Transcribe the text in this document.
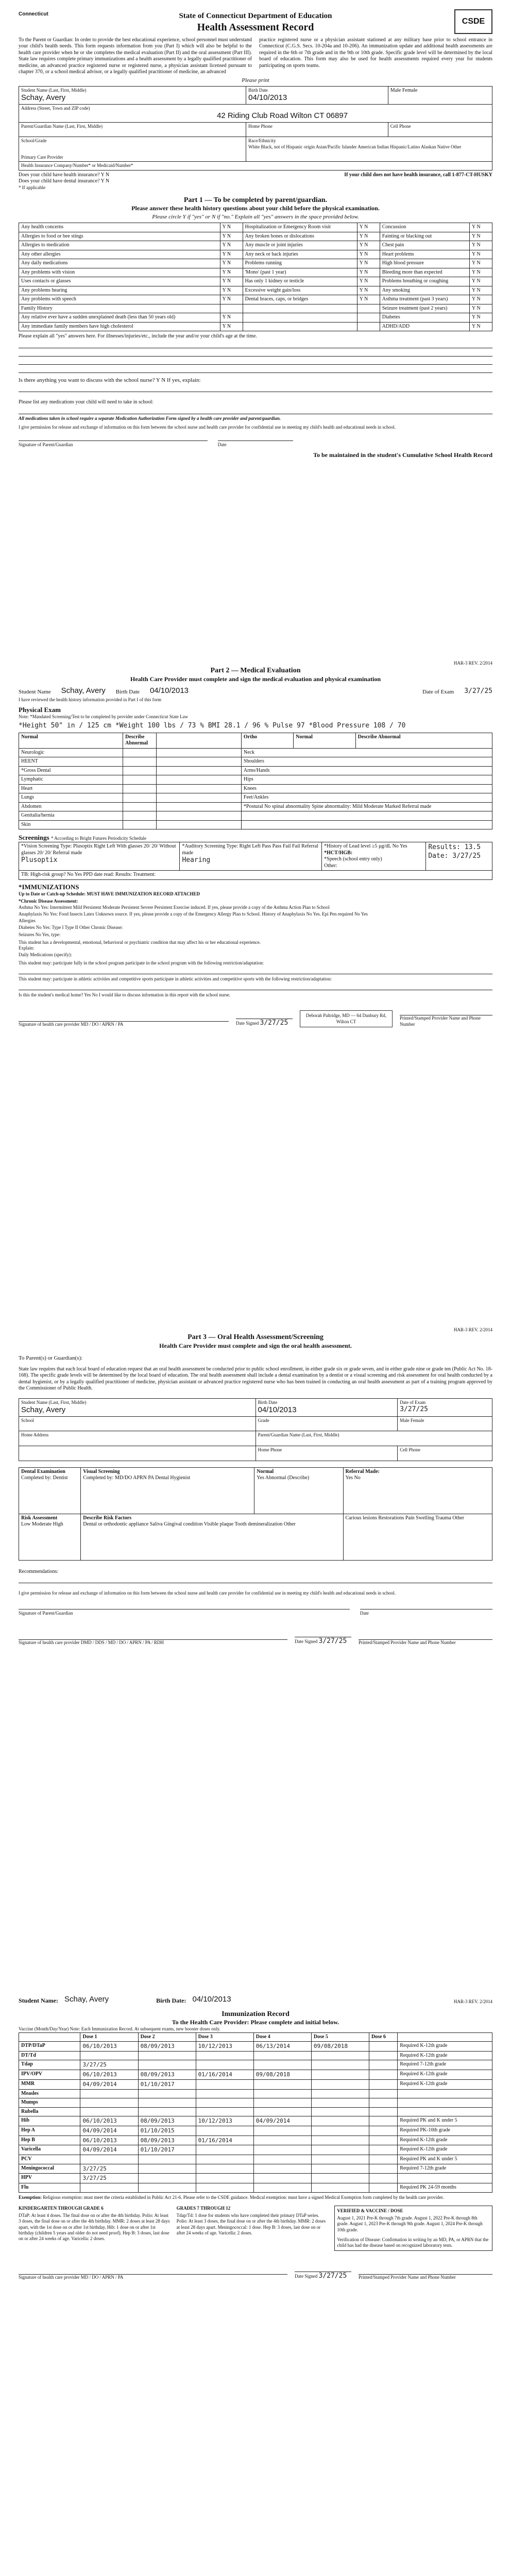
Connecticut
CSDE
State of Connecticut Department of Education
Health Assessment Record

To the Parent or Guardian: In order to provide the best educational experience, school personnel must understand your child's health needs. This form requests information from you (Part I) which will also be helpful to the health care provider when he or she completes the medical evaluation (Part II) and the oral assessment (Part III). State law requires complete primary immunizations and a health assessment by a legally qualified practitioner of medicine, an advanced practice registered nurse or registered nurse, a physician assistant licensed pursuant to chapter 370, or a school medical advisor, or a legally qualified practitioner of medicine, an advanced

practice registered nurse or a physician assistant stationed at any military base prior to school entrance in Connecticut (C.G.S. Secs. 10-204a and 10-206). An immunization update and additional health assessments are required in the 6th or 7th grade and in the 9th or 10th grade. Specific grade level will be determined by the local board of education. This form may also be used for health assessments required every year for students participating on sports teams.

Please print
Student Name (Last, First, Middle)
Schay, Avery	Birth Date
04/10/2013	Male Female

Address (Street, Town and ZIP code)
42 Riding Club Road Wilton CT 06897		

Parent/Guardian Name (Last, First, Middle)	Home Phone	Cell Phone

School/Grade

Primary Care Provider	Race/Ethnicity
White Black, not of Hispanic origin Asian/Pacific Islander American Indian Hispanic/Latino Alaskan Native Other	

Health Insurance Company/Number* or Medicaid/Number*		
Does your child have health insurance? Y N
Does your child have dental insurance? Y N
* If applicable
If your child does not have health insurance, call 1-877-CT-HUSKY
Part 1 — To be completed by parent/guardian.
Please answer these health history questions about your child before the physical examination.
Please circle Y if "yes" or N if "no." Explain all "yes" answers in the space provided below.
Any health concerns	Y N	Hospitalization or Emergency Room visit	Y N	Concussion	Y N
Allergies to food or bee stings	Y N	Any broken bones or dislocations	Y N	Fainting or blacking out	Y N
Allergies to medication	Y N	Any muscle or joint injuries	Y N	Chest pain	Y N
Any other allergies	Y N	Any neck or back injuries	Y N	Heart problems	Y N
Any daily medications	Y N	Problems running	Y N	High blood pressure	Y N
Any problems with vision	Y N	'Mono' (past 1 year)	Y N	Bleeding more than expected	Y N
Uses contacts or glasses	Y N	Has only 1 kidney or testicle	Y N	Problems breathing or coughing	Y N
Any problems hearing	Y N	Excessive weight gain/loss	Y N	Any smoking	Y N
Any problems with speech	Y N	Dental braces, caps, or bridges	Y N	Asthma treatment (past 3 years)	Y N
Family History				Seizure treatment (past 2 years)	Y N
Any relative ever have a sudden unexplained death (less than 50 years old)	Y N			Diabetes	Y N
Any immediate family members have high cholesterol	Y N			ADHD/ADD	Y N
Please explain all "yes" answers here. For illnesses/injuries/etc., include the year and/or your child's age at the time.
Is there anything you want to discuss with the school nurse? Y N If yes, explain:
Please list any medications your child will need to take in school:
All medications taken in school require a separate Medication Authorization Form signed by a health care provider and parent/guardian.
I give permission for release and exchange of information on this form between the school nurse and health care provider for confidential use in meeting my child's health and educational needs in school.
Signature of Parent/Guardian	Date
To be maintained in the student's Cumulative School Health Record
HAR-3 REV. 2/2014
Part 2 — Medical Evaluation
Health Care Provider must complete and sign the medical evaluation and physical examination
Student Name Schay, Avery Birth Date 04/10/2013	Date of Exam 3/27/25
I have reviewed the health history information provided in Part I of this form
Physical Exam
Note: *Mandated Screening/Test to be completed by provider under Connecticut State Law
*Height 50" in / 125 cm *Weight 100 lbs / 73 % BMI 28.1 / 96 % Pulse 97 *Blood Pressure 108 / 70
Normal	Describe Abnormal		Ortho	Normal	Describe Abnormal
Neurologic			Neck		
HEENT			Shoulders		
*Gross Dental			Arms/Hands		
Lymphatic			Hips		
Heart			Knees		
Lungs			Feet/Ankles		
Abdomen			*Postural No spinal abnormality Spine abnormality: Mild Moderate Marked Referral made		
Genitalia/hernia					
Skin					
Screenings * According to Bright Futures Periodicity Schedule
*Vision Screening Type: Plusoptix Right Left With glasses 20/ 20/ Without glasses 20/ 20/ Referral made
Plusoptix	*Auditory Screening Type: Right Left Pass Pass Fail Fail Referral made
Hearing	*History of Lead level ≥5 µg/dL No Yes
*HCT/HGB:
*Speech (school entry only)
Other:	Results: 13.5
Date: 3/27/25
TB: High-risk group? No Yes PPD date read: Results: Treatment:
*IMMUNIZATIONS
Up to Date or Catch-up Schedule: MUST HAVE IMMUNIZATION RECORD ATTACHED
*Chronic Disease Assessment:
Asthma No Yes: Intermittent Mild Persistent Moderate Persistent Severe Persistent Exercise induced. If yes, please provide a copy of the Asthma Action Plan to School
Anaphylaxis No Yes: Food Insects Latex Unknown source. If yes, please provide a copy of the Emergency Allergy Plan to School. History of Anaphylaxis No Yes. Epi Pen required No Yes
Allergies
Diabetes No Yes: Type I Type II Other Chronic Disease:
Seizures No Yes, type:
This student has a developmental, emotional, behavioral or psychiatric condition that may affect his or her educational experience.
Explain:
Daily Medications (specify):
This student may: participate fully in the school program participate in the school program with the following restriction/adaptation:
This student may: participate in athletic activities and competitive sports participate in athletic activities and competitive sports with the following restriction/adaptation:
Is this the student's medical home? Yes No I would like to discuss information in this report with the school nurse.
Signature of health care provider MD / DO / APRN / PA	Date Signed 3/27/25
Deborah Paltridge, MD — 64 Danbury Rd, Wilton CT
Printed/Stamped Provider Name and Phone Number
HAR-3 REV. 2/2014
Part 3 — Oral Health Assessment/Screening
Health Care Provider must complete and sign the oral health assessment.
To Parent(s) or Guardian(s):
State law requires that each local board of education request that an oral health assessment be conducted prior to public school enrollment, in either grade six or grade seven, and in either grade nine or grade ten (Public Act No. 18-168). The specific grade levels will be determined by the local board of education. The oral health assessment shall include a dental examination by a dentist or a visual screening and risk assessment for oral health conducted by a dental hygienist, or by a legally qualified practitioner of medicine, physician assistant or advanced practice registered nurse who has been trained in conducting an oral health assessment as part of a training program approved by the Commissioner of Public Health.
Student Name (Last, First, Middle)
Schay, Avery	Birth Date
04/10/2013	Date of Exam
3/27/25

School	Grade	Male Female

Home Address	Parent/Guardian Name (Last, First, Middle)	

	Home Phone	Cell Phone
Dental Examination
Completed by: Dentist	Visual Screening
Completed by: MD/DO APRN PA Dental Hygienist	Normal
Yes Abnormal (Describe)	Referral Made:
Yes No
Risk Assessment
Low Moderate High	Describe Risk Factors
Dental or orthodontic appliance Saliva Gingival condition Visible plaque Tooth demineralization Other		Carious lesions Restorations Pain Swelling Trauma Other
Recommendations:
I give permission for release and exchange of information on this form between the school nurse and health care provider for confidential use in meeting my child's health and educational needs in school.
Signature of Parent/Guardian	Date
Signature of health care provider DMD / DDS / MD / DO / APRN / PA / RDH	Date Signed 3/27/25	Printed/Stamped Provider Name and Phone Number
Student Name: Schay, Avery	Birth Date: 04/10/2013	HAR-3 REV. 2/2014
Immunization Record
To the Health Care Provider: Please complete and initial below.
Vaccine (Month/Day/Year) Note: Each Immunization Record. At subsequent exams, new booster doses only.
	Dose 1	Dose 2	Dose 3	Dose 4	Dose 5	Dose 6	
DTP/DTaP	06/10/2013	08/09/2013	10/12/2013	06/13/2014	09/08/2018		Required K-12th grade
DT/Td							Required K-12th grade
Tdap	3/27/25						Required 7-12th grade
IPV/OPV	06/10/2013	08/09/2013	01/16/2014	09/08/2018			Required K-12th grade
MMR	04/09/2014	01/10/2017					Required K-12th grade
Measles							
Mumps							
Rubella							
Hib	06/10/2013	08/09/2013	10/12/2013	04/09/2014			Required PK and K under 5
Hep A	04/09/2014	01/10/2015					Required PK-10th grade
Hep B	06/10/2013	08/09/2013	01/16/2014				Required K-12th grade
Varicella	04/09/2014	01/10/2017					Required K-12th grade
PCV							Required PK and K under 5
Meningococcal	3/27/25						Required 7-12th grade
HPV	3/27/25						
Flu							Required PK 24-59 months
Exemption: Religious exemption: must meet the criteria established in Public Act 21-6. Please refer to the CSDE guidance. Medical exemption: must have a signed Medical Exemption form completed by the health care provider.
KINDERGARTEN THROUGH GRADE 6
DTaP: At least 4 doses. The final dose on or after the 4th birthday. Polio: At least 3 doses, the final dose on or after the 4th birthday. MMR: 2 doses at least 28 days apart, with the 1st dose on or after 1st birthday. Hib: 1 dose on or after 1st birthday (children 5 years and older do not need proof). Hep B: 3 doses, last dose on or after 24 weeks of age. Varicella: 2 doses.
GRADES 7 THROUGH 12
Tdap/Td: 1 dose for students who have completed their primary DTaP series. Polio: At least 3 doses, the final dose on or after the 4th birthday. MMR: 2 doses at least 28 days apart. Meningococcal: 1 dose. Hep B: 3 doses, last dose on or after 24 weeks of age. Varicella: 2 doses.
VERIFIED & VACCINE / DOSE
August 1, 2021 Pre-K through 7th grade. August 1, 2022 Pre-K through 8th grade. August 1, 2023 Pre-K through 9th grade. August 1, 2024 Pre-K through 10th grade.
Verification of Disease: Confirmation in writing by an MD, PA, or APRN that the child has had the disease based on recognized laboratory tests.
Signature of health care provider MD / DO / APRN / PA	Date Signed 3/27/25	Printed/Stamped Provider Name and Phone Number
